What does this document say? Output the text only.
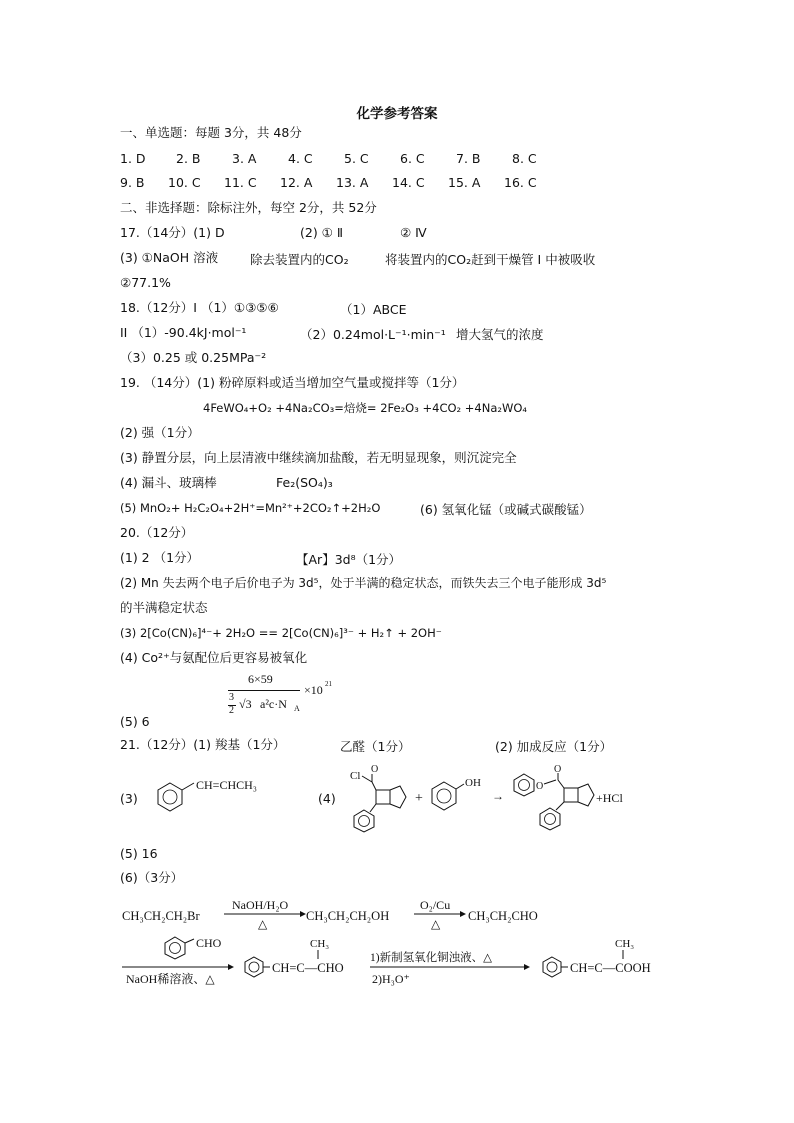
化学参考答案
一、单选题：每题 3分，共 48分
1. D 2. B	3. A	4. C	5. C	6. C	7. B	8. C
9. B 10. C 11. C 12. A 13. A 14. C 15. A 16. C
二、非选择题：除标注外，每空 2分，共 52分
17.（14分）(1) D	(2) ① Ⅱ	② Ⅳ
(3) ①NaOH 溶液	除去装置内的CO₂	将装置内的CO₂赶到干燥管 I 中被吸收
②77.1%
18.（12分）I （1）①③⑤⑥	（1）ABCE
II （1）-90.4kJ·mol⁻¹	（2）0.24mol·L⁻¹·min⁻¹ 增大氢气的浓度
（3）0.25 或 0.25MPa⁻²
19. （14分）(1) 粉碎原料或适当增加空气量或搅拌等（1分）
4FeWO₄+O₂ +4Na₂CO₃=焙烧= 2Fe₂O₃ +4CO₂ +4Na₂WO₄
(2) 强（1分）
(3) 静置分层，向上层清液中继续滴加盐酸，若无明显现象，则沉淀完全
(4) 漏斗、玻璃棒	Fe₂(SO₄)₃
(5) MnO₂+ H₂C₂O₄+2H⁺=Mn²⁺+2CO₂↑+2H₂O	(6) 氢氧化锰（或碱式碳酸锰）
20.（12分）
(1) 2 （1分）	【Ar】3d⁸（1分）
(2) Mn 失去两个电子后价电子为 3d⁵，处于半满的稳定状态，而铁失去三个电子能形成 3d⁵
的半满稳定状态
(3) 2[Co(CN)₆]⁴⁻+ 2H₂O == 2[Co(CN)₆]³⁻ + H₂↑ + 2OH⁻
(4) Co²⁺与氨配位后更容易被氧化
6×59
3
2 √3 a²c·N A
×10 21
(5) 6
21.（12分）(1) 羧基（1分）	乙醛（1分）	(2) 加成反应（1分）
(3)
CH=CHCH₃
(4)
Cl
O
+
OH
→
O
O
+HCl
(5) 16
(6)（3分）
CH₃CH₂CH₂Br
NaOH/H₂O
△
CH₃CH₂CH₂OH
O₂/Cu
△
CH₃CH₂CHO
CHO
NaOH稀溶液、△
CH₃
CH=C—CHO
1)新制氢氧化铜浊液、△
2)H₃O⁺
CH₃
CH=C—COOH
